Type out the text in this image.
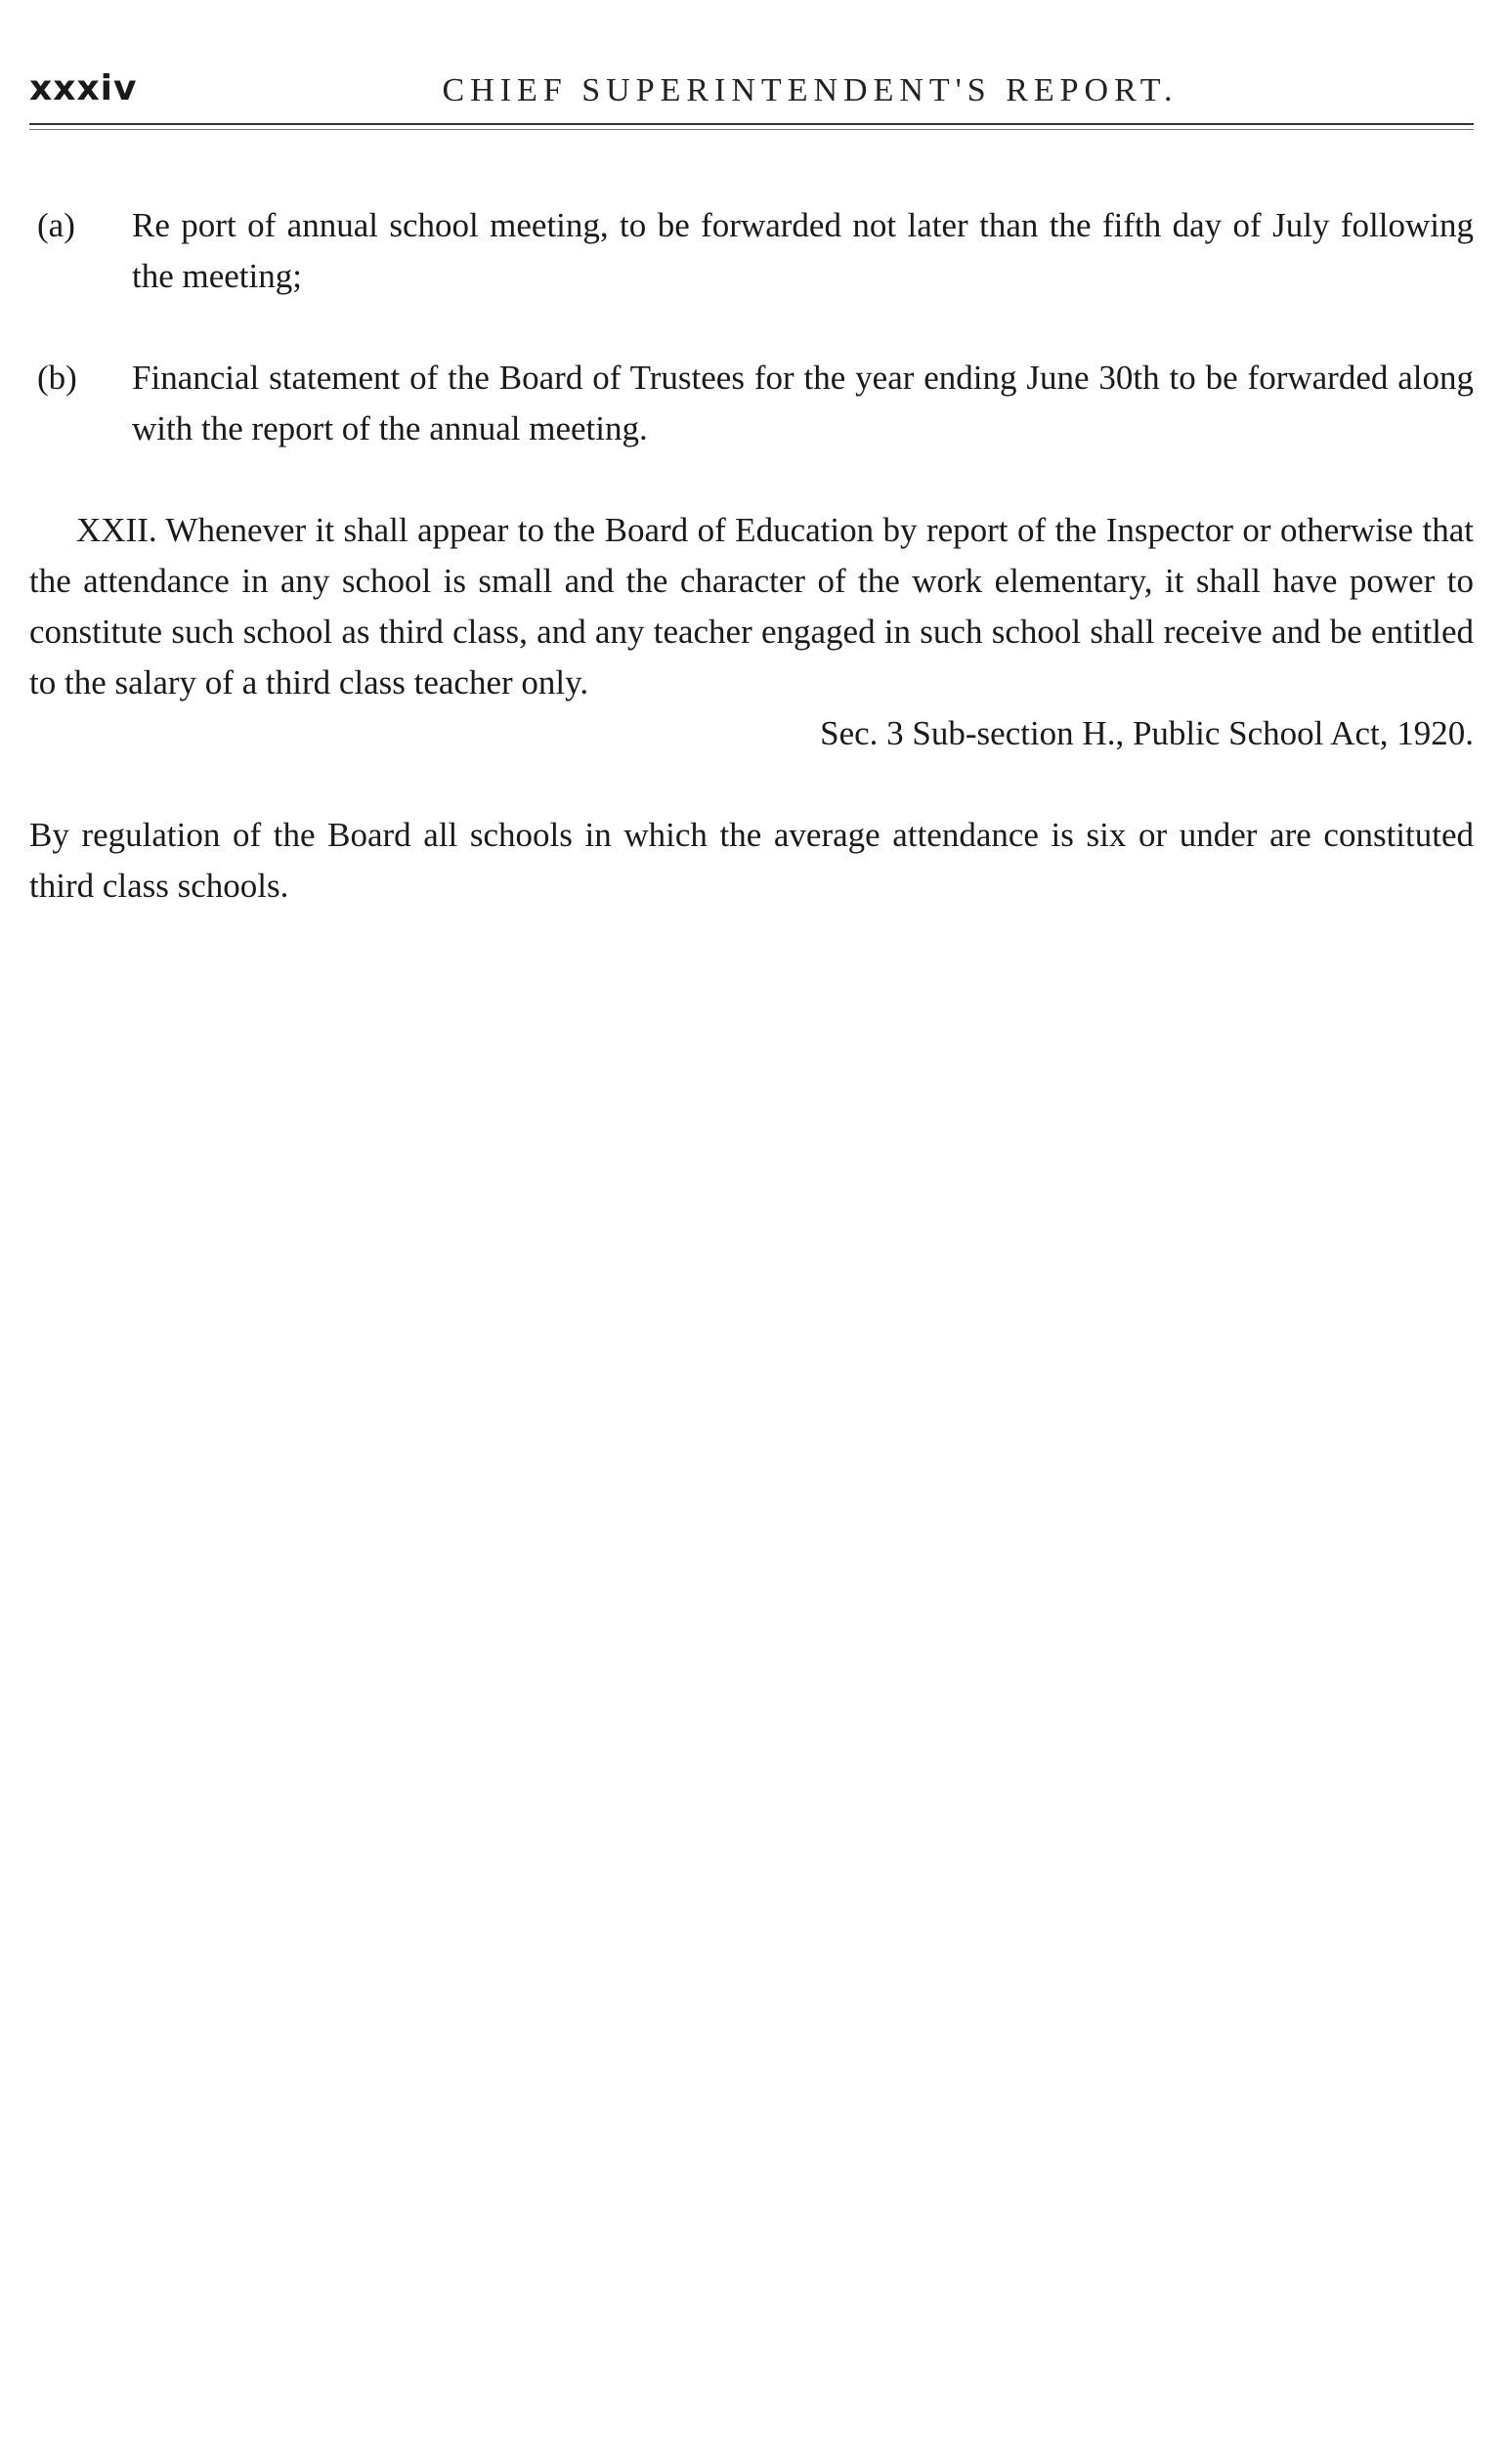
xxxiv	CHIEF SUPERINTENDENT'S REPORT.
(a) Re port of annual school meeting, to be forwarded not later than the fifth day of July following the meeting;
(b) Financial statement of the Board of Trustees for the year ending June 30th to be forwarded along with the report of the annual meeting.

XXII. Whenever it shall appear to the Board of Education by report of the Inspector or otherwise that the attendance in any school is small and the character of the work elementary, it shall have power to constitute such school as third class, and any teacher engaged in such school shall receive and be entitled to the salary of a third class teacher only.

Sec. 3 Sub-section H., Public School Act, 1920.

By regulation of the Board all schools in which the average attendance is six or under are constituted third class schools.
